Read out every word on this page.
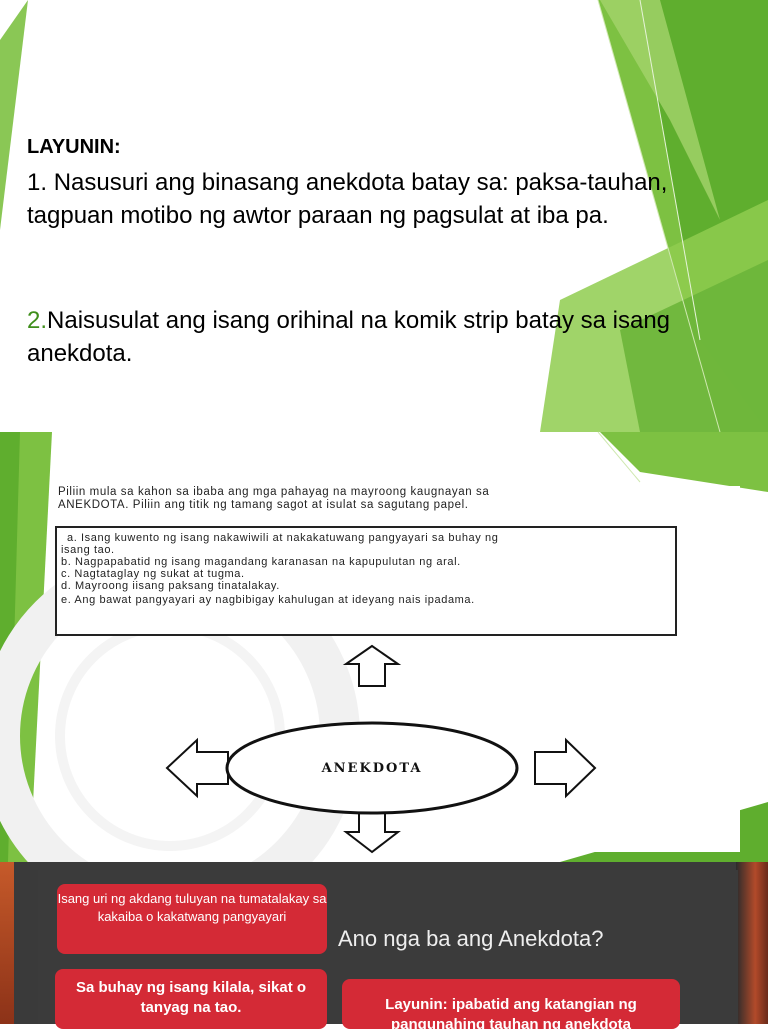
LAYUNIN:
1. Nasusuri ang binasang anekdota batay sa: paksa-tauhan, tagpuan motibo ng awtor paraan ng pagsulat at iba pa.
2.Naisusulat ang isang orihinal na komik strip batay sa isang anekdota.
Piliin mula sa kahon sa ibaba ang mga pahayag na mayroong kaugnayan sa
ANEKDOTA. Piliin ang titik ng tamang sagot at isulat sa sagutang papel.
a. Isang kuwento ng isang nakawiwili at nakakatuwang pangyayari sa buhay ng
isang tao.
b. Nagpapabatid ng isang magandang karanasan na kapupulutan ng aral.
c. Nagtataglay ng sukat at tugma.
d. Mayroong iisang paksang tinatalakay.
e. Ang bawat pangyayari ay nagbibigay kahulugan at ideyang nais ipadama.
ANEKDOTA
Isang uri ng akdang tuluyan na tumatalakay sa kakaiba o kakatwang pangyayari
Ano nga ba ang Anekdota?
Sa buhay ng isang kilala, sikat o tanyag na tao.	Layunin: ipabatid ang katangian ng
pangunahing tauhan ng anekdota
